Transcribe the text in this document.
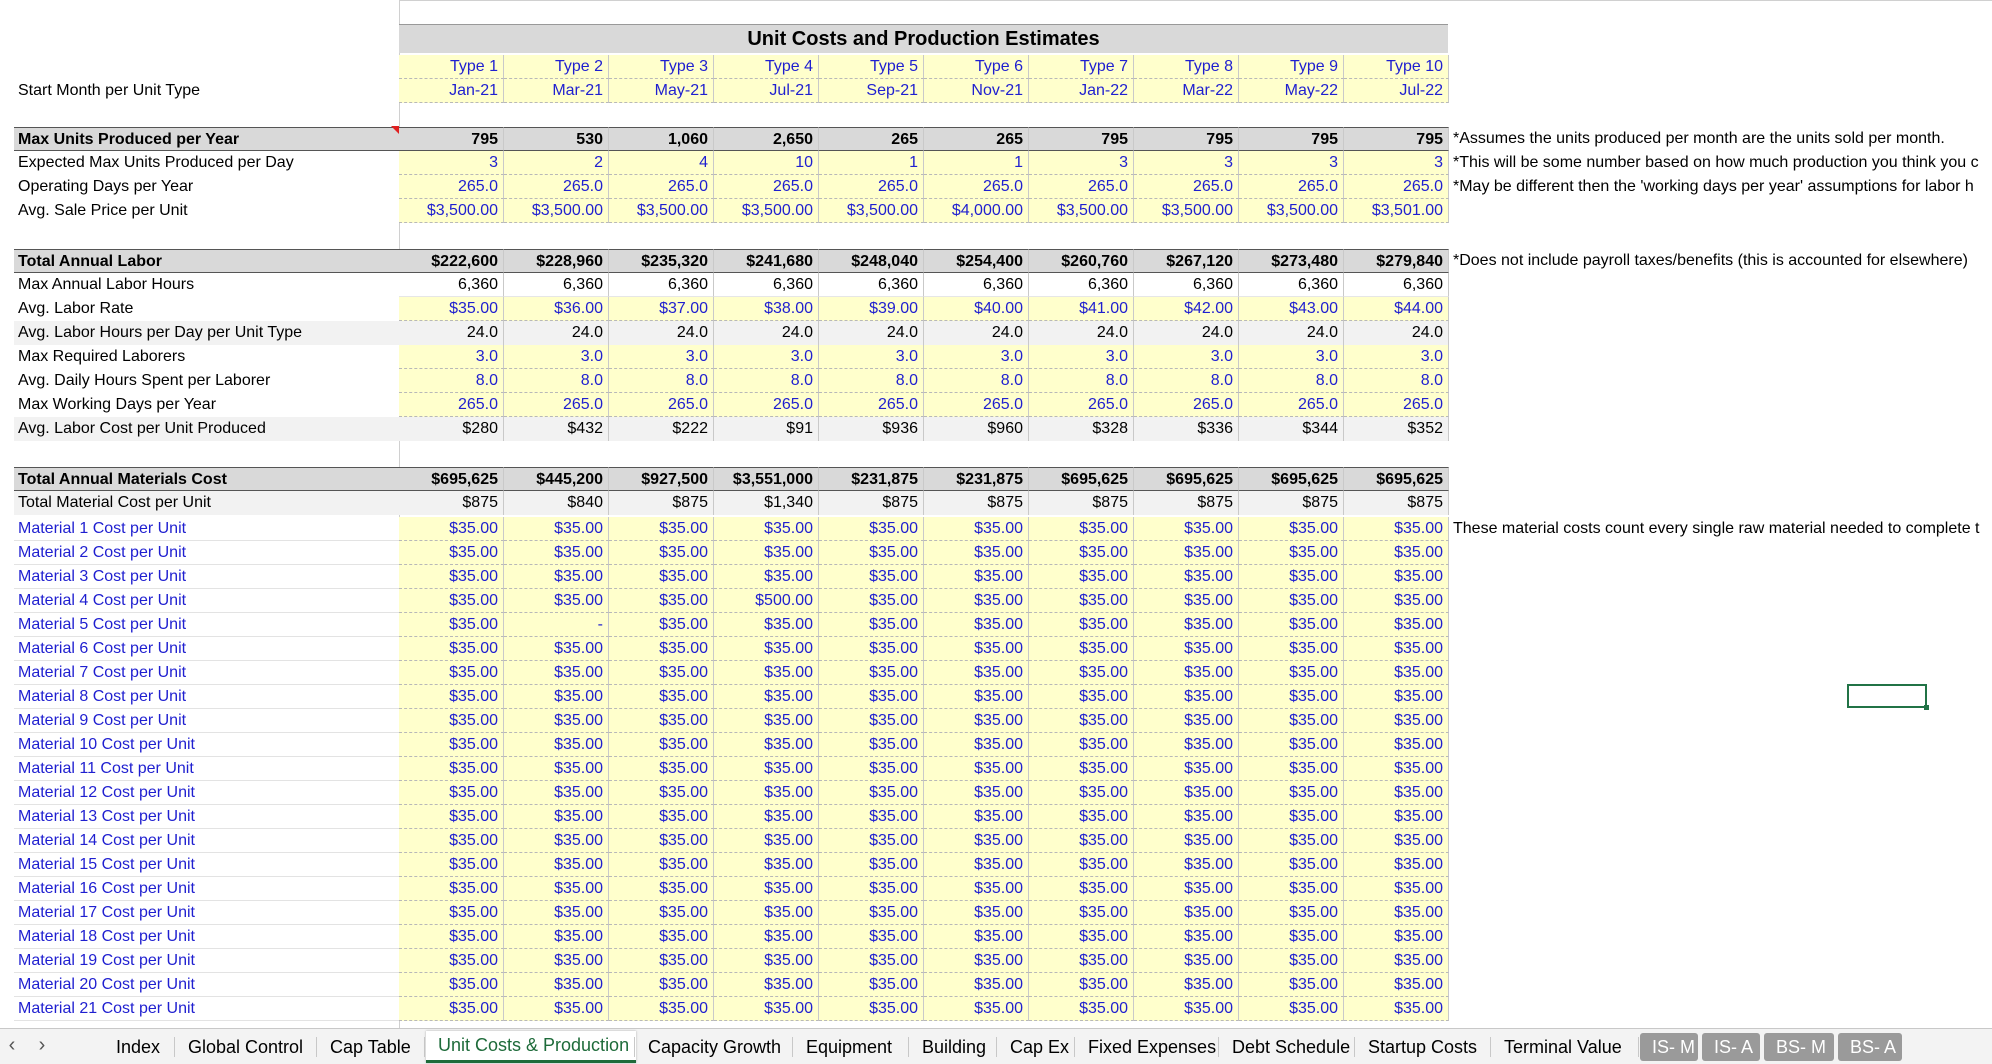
Unit Costs and Production Estimates
Type 1	Type 2	Type 3	Type 4	Type 5	Type 6	Type 7	Type 8	Type 9	Type 10
Start Month per Unit Type	Jan-21	Mar-21	May-21	Jul-21	Sep-21	Nov-21	Jan-22	Mar-22	May-22	Jul-22
Max Units Produced per Year	795	530	1,060	2,650	265	265	795	795	795	795 *Assumes the units produced per month are the units sold per month.
Expected Max Units Produced per Day	3	2	4	10	1	1	3	3	3	3 *This will be some number based on how much production you think you c
Operating Days per Year	265.0	265.0	265.0	265.0	265.0	265.0	265.0	265.0	265.0	265.0 *May be different then the 'working days per year' assumptions for labor h
Avg. Sale Price per Unit	$3,500.00	$3,500.00	$3,500.00	$3,500.00	$3,500.00	$4,000.00	$3,500.00	$3,500.00	$3,500.00	$3,501.00
Total Annual Labor	$222,600	$228,960	$235,320	$241,680	$248,040	$254,400	$260,760	$267,120	$273,480	$279,840 *Does not include payroll taxes/benefits (this is accounted for elsewhere)
Max Annual Labor Hours	6,360	6,360	6,360	6,360	6,360	6,360	6,360	6,360	6,360	6,360
Avg. Labor Rate	$35.00	$36.00	$37.00	$38.00	$39.00	$40.00	$41.00	$42.00	$43.00	$44.00
Avg. Labor Hours per Day per Unit Type	24.0	24.0	24.0	24.0	24.0	24.0	24.0	24.0	24.0	24.0
Max Required Laborers	3.0	3.0	3.0	3.0	3.0	3.0	3.0	3.0	3.0	3.0
Avg. Daily Hours Spent per Laborer	8.0	8.0	8.0	8.0	8.0	8.0	8.0	8.0	8.0	8.0
Max Working Days per Year	265.0	265.0	265.0	265.0	265.0	265.0	265.0	265.0	265.0	265.0
Avg. Labor Cost per Unit Produced	$280	$432	$222	$91	$936	$960	$328	$336	$344	$352
Total Annual Materials Cost	$695,625	$445,200	$927,500	$3,551,000	$231,875	$231,875	$695,625	$695,625	$695,625	$695,625
Total Material Cost per Unit	$875	$840	$875	$1,340	$875	$875	$875	$875	$875	$875
Material 1 Cost per Unit	$35.00	$35.00	$35.00	$35.00	$35.00	$35.00	$35.00	$35.00	$35.00	$35.00 These material costs count every single raw material needed to complete t
Material 2 Cost per Unit	$35.00	$35.00	$35.00	$35.00	$35.00	$35.00	$35.00	$35.00	$35.00	$35.00
Material 3 Cost per Unit	$35.00	$35.00	$35.00	$35.00	$35.00	$35.00	$35.00	$35.00	$35.00	$35.00
Material 4 Cost per Unit	$35.00	$35.00	$35.00	$500.00	$35.00	$35.00	$35.00	$35.00	$35.00	$35.00
Material 5 Cost per Unit	$35.00	-	$35.00	$35.00	$35.00	$35.00	$35.00	$35.00	$35.00	$35.00
Material 6 Cost per Unit	$35.00	$35.00	$35.00	$35.00	$35.00	$35.00	$35.00	$35.00	$35.00	$35.00
Material 7 Cost per Unit	$35.00	$35.00	$35.00	$35.00	$35.00	$35.00	$35.00	$35.00	$35.00	$35.00
Material 8 Cost per Unit	$35.00	$35.00	$35.00	$35.00	$35.00	$35.00	$35.00	$35.00	$35.00	$35.00
Material 9 Cost per Unit	$35.00	$35.00	$35.00	$35.00	$35.00	$35.00	$35.00	$35.00	$35.00	$35.00
Material 10 Cost per Unit	$35.00	$35.00	$35.00	$35.00	$35.00	$35.00	$35.00	$35.00	$35.00	$35.00
Material 11 Cost per Unit	$35.00	$35.00	$35.00	$35.00	$35.00	$35.00	$35.00	$35.00	$35.00	$35.00
Material 12 Cost per Unit	$35.00	$35.00	$35.00	$35.00	$35.00	$35.00	$35.00	$35.00	$35.00	$35.00
Material 13 Cost per Unit	$35.00	$35.00	$35.00	$35.00	$35.00	$35.00	$35.00	$35.00	$35.00	$35.00
Material 14 Cost per Unit	$35.00	$35.00	$35.00	$35.00	$35.00	$35.00	$35.00	$35.00	$35.00	$35.00
Material 15 Cost per Unit	$35.00	$35.00	$35.00	$35.00	$35.00	$35.00	$35.00	$35.00	$35.00	$35.00
Material 16 Cost per Unit	$35.00	$35.00	$35.00	$35.00	$35.00	$35.00	$35.00	$35.00	$35.00	$35.00
Material 17 Cost per Unit	$35.00	$35.00	$35.00	$35.00	$35.00	$35.00	$35.00	$35.00	$35.00	$35.00
Material 18 Cost per Unit	$35.00	$35.00	$35.00	$35.00	$35.00	$35.00	$35.00	$35.00	$35.00	$35.00
Material 19 Cost per Unit	$35.00	$35.00	$35.00	$35.00	$35.00	$35.00	$35.00	$35.00	$35.00	$35.00
Material 20 Cost per Unit	$35.00	$35.00	$35.00	$35.00	$35.00	$35.00	$35.00	$35.00	$35.00	$35.00
Material 21 Cost per Unit	$35.00	$35.00	$35.00	$35.00	$35.00	$35.00	$35.00	$35.00	$35.00	$35.00
‹	›	Index	Global Control	Cap Table	Unit Costs & Production	Capacity Growth	Equipment	Building	Cap Ex	Fixed Expenses Debt Schedule Startup Costs	Terminal Value	IS- M	IS- A	BS- M	BS- A
